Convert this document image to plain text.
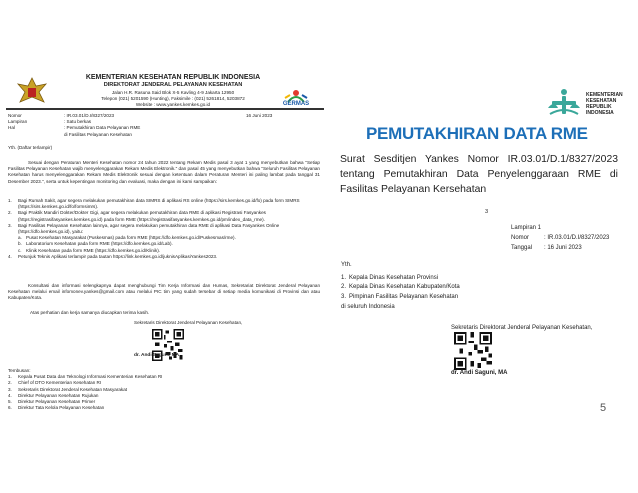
KEMENTERIAN KESEHATAN REPUBLIK INDONESIA
DIREKTORAT JENDERAL PELAYANAN KESEHATAN
Jalan H.R. Rasuna Said Blok X-5 Kavling 4-9 Jakarta 12950
Telepon (021) 5201590 (Hunting), Faksimile : (021) 5261814, 5203872
Website : www.yankes.kemkes.go.id	GERMAS
Nomor	: IR.03.01/D.I/8327/2023
Lampiran	: Satu berkas
Hal	: Pemutakhiran Data Pelayanan RME
di Fasilitas Pelayanan Kesehatan
16 Juni 2023
Yth. (Daftar terlampir)
Sesuai dengan Peraturan Menteri Kesehatan nomor 24 tahun 2022 tentang Rekam Medis pasal 3 ayat 1 yang menyebutkan bahwa "Setiap Fasilitas Pelayanan Kesehatan wajib menyelenggarakan Rekam Medis Elektronik." dan pasal 45 yang menyebutkan bahwa "Seluruh Fasilitas Pelayanan Kesehatan harus menyelenggarakan Rekam Medis Elektronik sesuai dengan ketentuan dalam Peraturan Menteri ini paling lambat pada tanggal 31 Desember 2023.", serta untuk kepentingan monitoring dan evaluasi, maka dengan ini kami sampaikan:
1.	Bagi Rumah Sakit, agar segera melakukan pemutakhiran data SIMRS di aplikasi RS online (https://sirs.kemkes.go.id/fo) pada form SIMRS (https://sirs.kemkes.go.id/fo/formsimrs).
2.	Bagi Praktik Mandiri Dokter/Dokter Gigi, agar segera melakukan pemutakhiran data RME di aplikasi Registrasi Fasyankes (https://registrasifasyankes.kemkes.go.id) pada form RME (https://registrasifasyankes.kemkes.go.id/pm/index_data_rme).
3.	Bagi Fasilitas Pelayanan Kesehatan lainnya, agar segera melakukan pemutakhiran data RME di aplikasi Data Fasyankes Online (https://dfo.kemkes.go.id), yaitu:
a. Pusat Kesehatan Masyarakat (Puskesmas) pada form RME (https://dfo.kemkes.go.id/Puskesmas/rme).
b. Laboratorium Kesehatan pada form RME (https://dfo.kemkes.go.id/Lab).
c. Klinik Kesehatan pada form RME (https://dfo.kemkes.go.id/Klinik).
4.	Petunjuk Teknis Aplikasi terlampir pada tautan https://link.kemkes.go.id/juknisAplikasiYankes2023.
Konsultasi dan informasi selengkapnya dapat menghubungi Tim Kerja Informasi dan Humas, Sekretariat Direktorat Jenderal Pelayanan Kesehatan melalui email infomonev.yankes@gmail.com atau melalui PIC tim yang sudah tersebar di setiap media komunikasi di Provinsi dan atau Kabupaten/Kota.
Atas perhatian dan kerja samanya diucapkan terima kasih.
Sekretaris Direktorat Jenderal Pelayanan Kesehatan,
dr. Andi Saguni, MA
Tembusan:
1.	Kepala Pusat Data dan Teknologi Informasi Kementerian Kesehatan RI
2.	Chief of DTO Kementerian Kesehatan RI
3.	Sekretaris Direktorat Jenderal Kesehatan Masyarakat
4.	Direktur Pelayanan Kesehatan Rujukan
5.	Direktur Pelayanan Kesehatan Primer
6.	Direktur Tata Kelola Pelayanan Kesehatan
KEMENTERIAN
KESEHATAN
REPUBLIK
INDONESIA
PEMUTAKHIRAN DATA RME
Surat Sesditjen Yankes Nomor IR.03.01/D.1/8327/2023 tentang Pemutakhiran Data Penyelenggaraan RME di Fasilitas Pelayanan Kersehatan
3
Lampiran 1
Nomor	: IR.03.01/D.I/8327/2023
Tanggal	: 16 Juni 2023
Yth.
1. Kepala Dinas Kesehatan Provinsi
2. Kepala Dinas Kesehatan Kabupaten/Kota
3. Pimpinan Fasilitas Pelayanan Kesehatan
di seluruh Indonesia
Sekretaris Direktorat Jenderal Pelayanan Kesehatan,
dr. Andi Saguni, MA
5
